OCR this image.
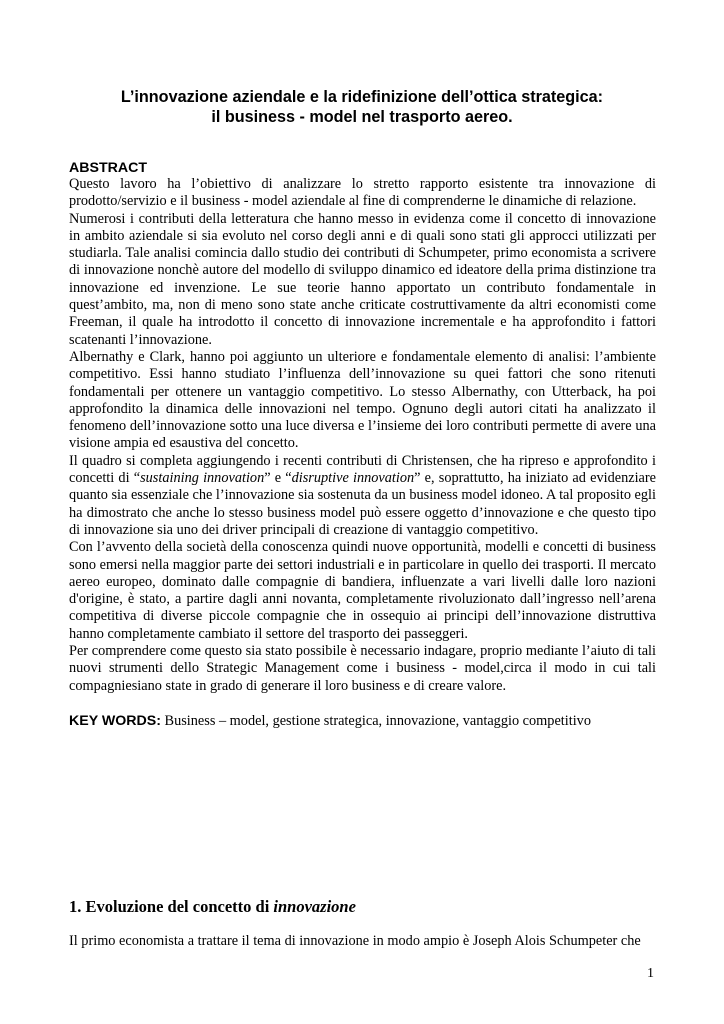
L’innovazione aziendale e la ridefinizione dell’ottica strategica:
il business - model nel trasporto aereo.
ABSTRACT

Questo lavoro ha l’obiettivo di analizzare lo stretto rapporto esistente tra innovazione di prodotto/servizio e il business - model aziendale al fine di comprenderne le dinamiche di relazione.

Numerosi i contributi della letteratura che hanno messo in evidenza come il concetto di innovazione in ambito aziendale si sia evoluto nel corso degli anni e di quali sono stati gli approcci utilizzati per studiarla. Tale analisi comincia dallo studio dei contributi di Schumpeter, primo economista a scrivere di innovazione nonchè autore del modello di sviluppo dinamico ed ideatore della prima distinzione tra innovazione ed invenzione. Le sue teorie hanno apportato un contributo fondamentale in quest’ambito, ma, non di meno sono state anche criticate costruttivamente da altri economisti come Freeman, il quale ha introdotto il concetto di innovazione incrementale e ha approfondito i fattori scatenanti l’innovazione.

Albernathy e Clark, hanno poi aggiunto un ulteriore e fondamentale elemento di analisi: l’ambiente competitivo. Essi hanno studiato l’influenza dell’innovazione su quei fattori che sono ritenuti fondamentali per ottenere un vantaggio competitivo. Lo stesso Albernathy, con Utterback, ha poi approfondito la dinamica delle innovazioni nel tempo. Ognuno degli autori citati ha analizzato il fenomeno dell’innovazione sotto una luce diversa e l’insieme dei loro contributi permette di avere una visione ampia ed esaustiva del concetto.

Il quadro si completa aggiungendo i recenti contributi di Christensen, che ha ripreso e approfondito i concetti di “sustaining innovation” e “disruptive innovation” e, soprattutto, ha iniziato ad evidenziare quanto sia essenziale che l’innovazione sia sostenuta da un business model idoneo. A tal proposito egli ha dimostrato che anche lo stesso business model può essere oggetto d’innovazione e che questo tipo di innovazione sia uno dei driver principali di creazione di vantaggio competitivo.

Con l’avvento della società della conoscenza quindi nuove opportunità, modelli e concetti di business sono emersi nella maggior parte dei settori industriali e in particolare in quello dei trasporti. Il mercato aereo europeo, dominato dalle compagnie di bandiera, influenzate a vari livelli dalle loro nazioni d'origine, è stato, a partire dagli anni novanta, completamente rivoluzionato dall’ingresso nell’arena competitiva di diverse piccole compagnie che in ossequio ai principi dell’innovazione distruttiva hanno completamente cambiato il settore del trasporto dei passeggeri.

Per comprendere come questo sia stato possibile è necessario indagare, proprio mediante l’aiuto di tali nuovi strumenti dello Strategic Management come i business - model,circa il modo in cui tali compagniesiano state in grado di generare il loro business e di creare valore.

KEY WORDS: Business – model, gestione strategica, innovazione, vantaggio competitivo
1. Evoluzione del concetto di innovazione
Il primo economista a trattare il tema di innovazione in modo ampio è Joseph Alois Schumpeter che
1
